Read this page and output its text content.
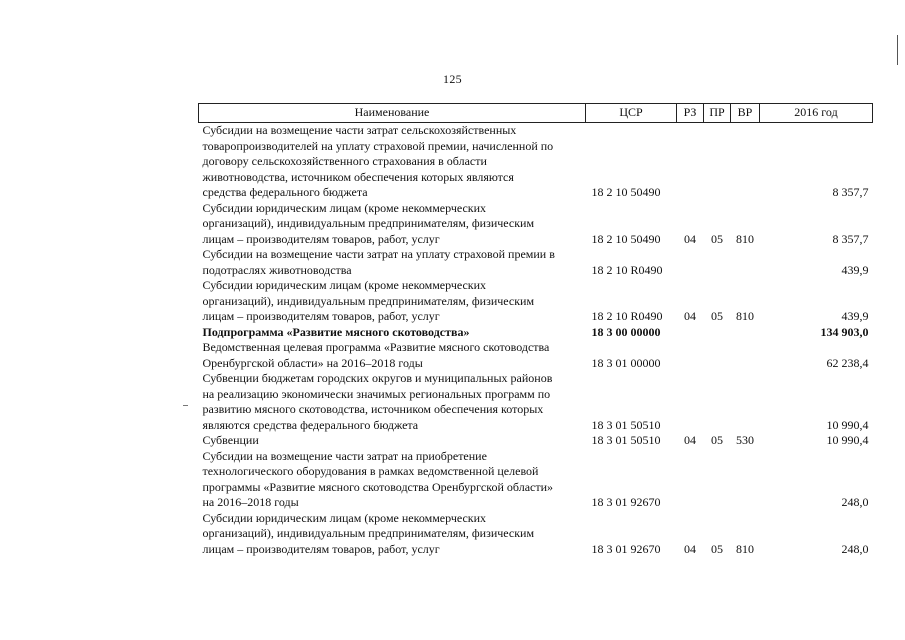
125
Наименование	ЦСР	РЗ	ПР	ВР	2016 год

Субсидии на возмещение части затрат сельскохозяйственных
товаропроизводителей на уплату страховой премии, начисленной по
договору сельскохозяйственного страхования в области
животноводства, источником обеспечения которых являются
средства федерального бюджета	18 2 10 50490				8 357,7

Субсидии юридическим лицам (кроме некоммерческих
организаций), индивидуальным предпринимателям, физическим
лицам – производителям товаров, работ, услуг	18 2 10 50490	04	05	810	8 357,7

Субсидии на возмещение части затрат на уплату страховой премии в
подотраслях животноводства	18 2 10 R0490				439,9

Субсидии юридическим лицам (кроме некоммерческих
организаций), индивидуальным предпринимателям, физическим
лицам – производителям товаров, работ, услуг	18 2 10 R0490	04	05	810	439,9

Подпрограмма «Развитие мясного скотоводства»	18 3 00 00000				134 903,0

Ведомственная целевая программа «Развитие мясного скотоводства
Оренбургской области» на 2016–2018 годы	18 3 01 00000				62 238,4

Субвенции бюджетам городских округов и муниципальных районов
на реализацию экономически значимых региональных программ по
развитию мясного скотоводства, источником обеспечения которых
являются средства федерального бюджета	18 3 01 50510				10 990,4

Субвенции	18 3 01 50510	04	05	530	10 990,4

Субсидии на возмещение части затрат на приобретение
технологического оборудования в рамках ведомственной целевой
программы «Развитие мясного скотоводства Оренбургской области»
на 2016–2018 годы	18 3 01 92670				248,0

Субсидии юридическим лицам (кроме некоммерческих
организаций), индивидуальным предпринимателям, физическим
лицам – производителям товаров, работ, услуг	18 3 01 92670	04	05	810	248,0
